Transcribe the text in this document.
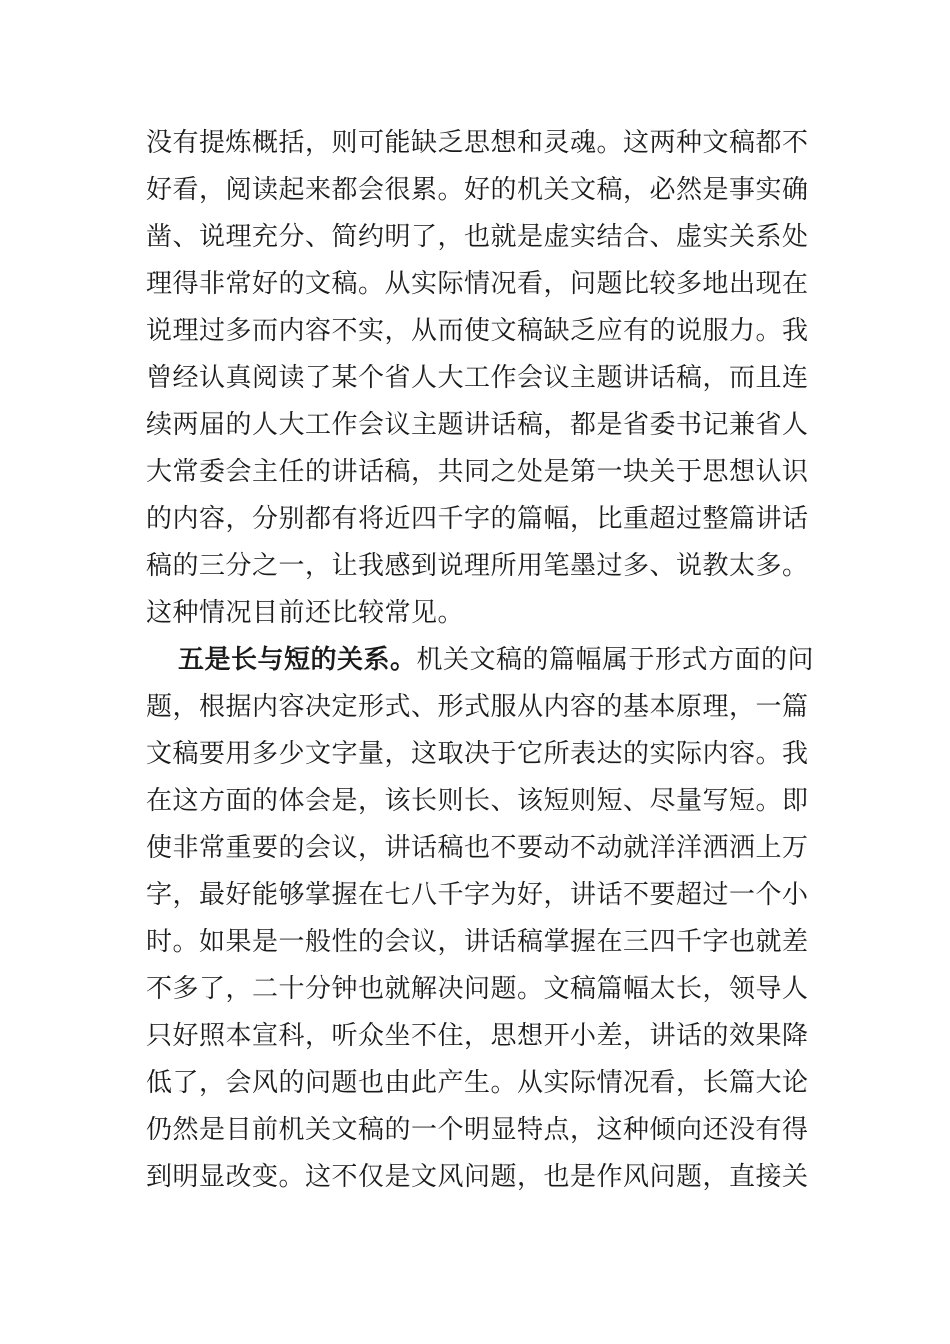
没有提炼概括，则可能缺乏思想和灵魂。这两种文稿都不
好看，阅读起来都会很累。好的机关文稿，必然是事实确
凿、说理充分、简约明了，也就是虚实结合、虚实关系处
理得非常好的文稿。从实际情况看，问题比较多地出现在
说理过多而内容不实，从而使文稿缺乏应有的说服力。我
曾经认真阅读了某个省人大工作会议主题讲话稿，而且连
续两届的人大工作会议主题讲话稿，都是省委书记兼省人
大常委会主任的讲话稿，共同之处是第一块关于思想认识
的内容，分别都有将近四千字的篇幅，比重超过整篇讲话
稿的三分之一，让我感到说理所用笔墨过多、说教太多。
这种情况目前还比较常见。
五是长与短的关系。机关文稿的篇幅属于形式方面的问
题，根据内容决定形式、形式服从内容的基本原理，一篇
文稿要用多少文字量，这取决于它所表达的实际内容。我
在这方面的体会是，该长则长、该短则短、尽量写短。即
使非常重要的会议，讲话稿也不要动不动就洋洋洒洒上万
字，最好能够掌握在七八千字为好，讲话不要超过一个小
时。如果是一般性的会议，讲话稿掌握在三四千字也就差
不多了，二十分钟也就解决问题。文稿篇幅太长，领导人
只好照本宣科，听众坐不住，思想开小差，讲话的效果降
低了，会风的问题也由此产生。从实际情况看，长篇大论
仍然是目前机关文稿的一个明显特点，这种倾向还没有得
到明显改变。这不仅是文风问题，也是作风问题，直接关
